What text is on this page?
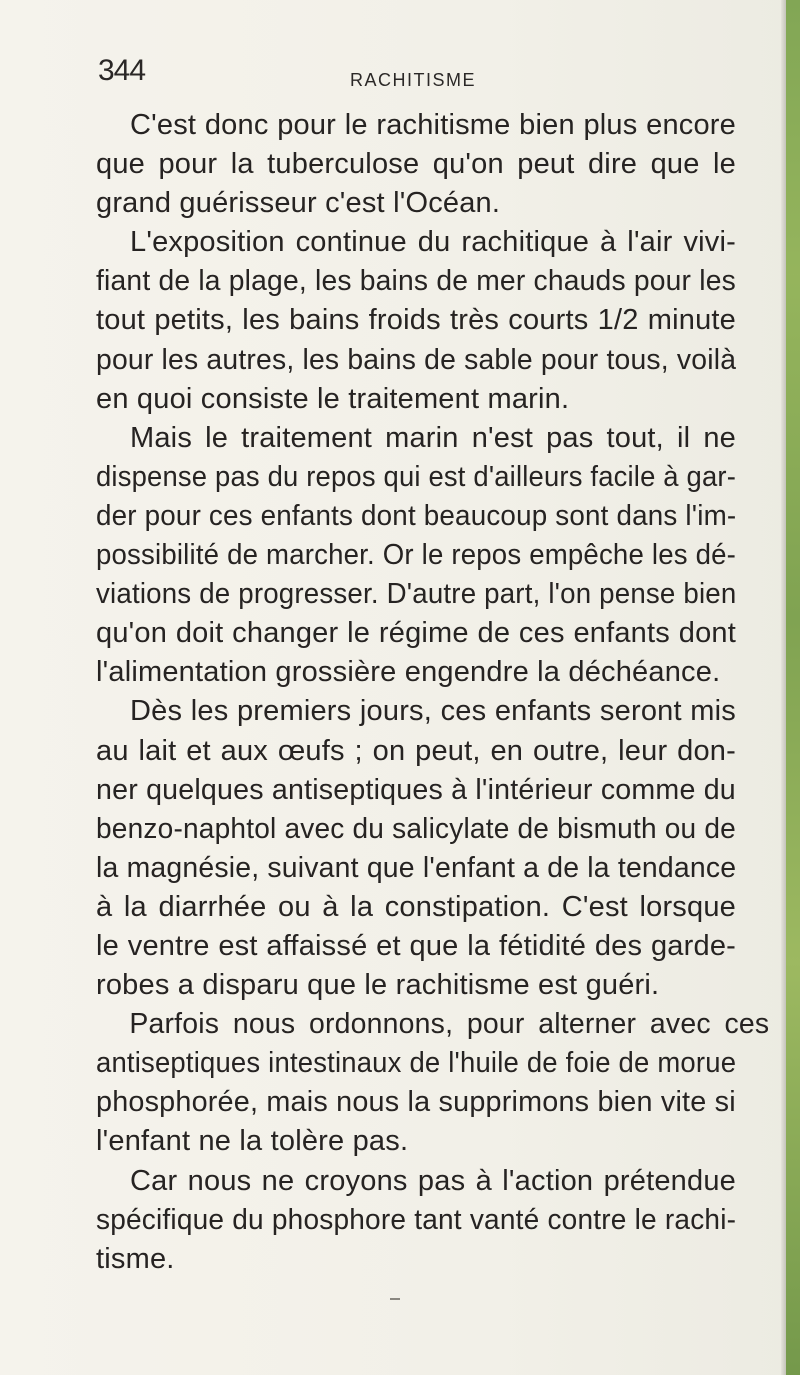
344	RACHITISME
C'est donc pour le rachitisme bien plus encore
que pour la tuberculose qu'on peut dire que le
grand guérisseur c'est l'Océan.
L'exposition continue du rachitique à l'air vivi-
fiant de la plage, les bains de mer chauds pour les
tout petits, les bains froids très courts 1/2 minute
pour les autres, les bains de sable pour tous, voilà
en quoi consiste le traitement marin.
Mais le traitement marin n'est pas tout, il ne
dispense pas du repos qui est d'ailleurs facile à gar-
der pour ces enfants dont beaucoup sont dans l'im-
possibilité de marcher. Or le repos empêche les dé-
viations de progresser. D'autre part, l'on pense bien
qu'on doit changer le régime de ces enfants dont
l'alimentation grossière engendre la déchéance.
Dès les premiers jours, ces enfants seront mis
au lait et aux œufs ; on peut, en outre, leur don-
ner quelques antiseptiques à l'intérieur comme du
benzo-naphtol avec du salicylate de bismuth ou de
la magnésie, suivant que l'enfant a de la tendance
à la diarrhée ou à la constipation. C'est lorsque
le ventre est affaissé et que la fétidité des garde-
robes a disparu que le rachitisme est guéri.
Parfois nous ordonnons, pour alterner avec ces
antiseptiques intestinaux de l'huile de foie de morue
phosphorée, mais nous la supprimons bien vite si
l'enfant ne la tolère pas.
Car nous ne croyons pas à l'action prétendue
spécifique du phosphore tant vanté contre le rachi-
tisme.
